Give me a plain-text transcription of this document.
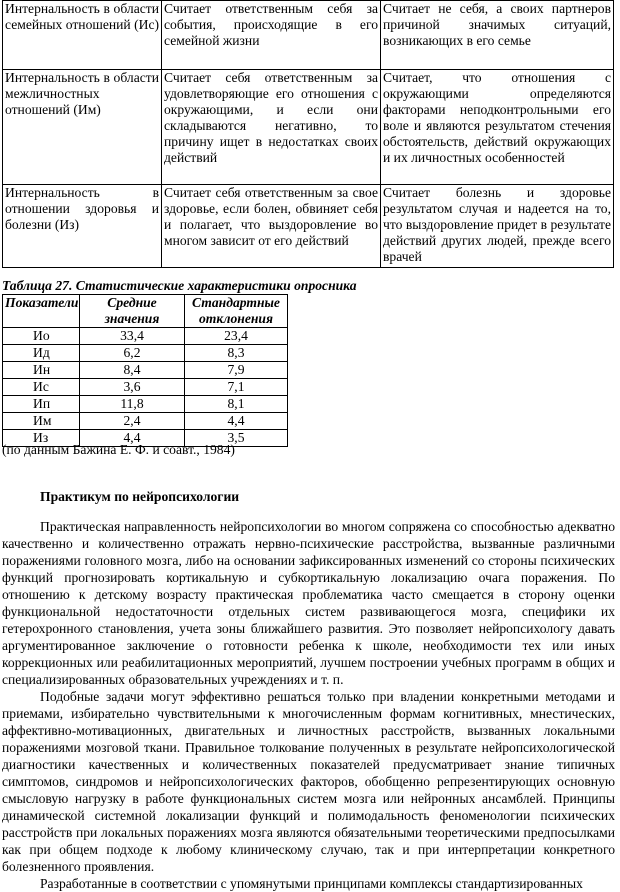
Интернальность в области семейных отношений (Ис)	Считает ответственным себя за события, происходящие в его семейной жизни	Считает не себя, а своих партнеров причиной значимых ситуаций, возникающих в его семье
Интернальность в области межличностных отношений (Им)	Считает себя ответственным за удовлетворяющие его отношения с окружающими, и если они складываются негативно, то причину ищет в недостатках своих действий	Считает, что отношения с окружающими определяются факторами неподконтрольными его воле и являются результатом стечения обстоятельств, действий окружающих и их личностных особенностей
Интернальность в отношении здоровья и болезни (Из)	Считает себя ответственным за свое здоровье, если болен, обвиняет себя и полагает, что выздоровление во многом зависит от его действий	Считает болезнь и здоровье результатом случая и надеется на то, что выздоровление придет в результате действий других людей, прежде всего врачей
Таблица 27. Статистические характеристики опросника
Показатели	Средние значения	Стандартные отклонения
Ио	33,4	23,4
Ид	6,2	8,3
Ин	8,4	7,9
Ис	3,6	7,1
Ип	11,8	8,1
Им	2,4	4,4
Из	4,4	3,5
(по данным Бажина Е. Ф. и соавт., 1984)
Практикум по нейропсихологии

Практическая направленность нейропсихологии во многом сопряжена со способностью адекватно качественно и количественно отражать нервно-психические расстройства, вызванные различными поражениями головного мозга, либо на основании зафиксированных изменений со стороны психических функций прогнозировать кортикальную и субкортикальную локализацию очага поражения. По отношению к детскому возрасту практическая проблематика часто смещается в сторону оценки функциональной недостаточности отдельных систем развивающегося мозга, специфики их гетерохронного становления, учета зоны ближайшего развития. Это позволяет нейропсихологу давать аргументированное заключение о готовности ребенка к школе, необходимости тех или иных коррекционных или реабилитационных мероприятий, лучшем построении учебных программ в общих и специализированных образовательных учреждениях и т. п.

Подобные задачи могут эффективно решаться только при владении конкретными методами и приемами, избирательно чувствительными к многочисленным формам когнитивных, мнестических, аффективно-мотивационных, двигательных и личностных расстройств, вызванных локальными поражениями мозговой ткани. Правильное толкование полученных в результате нейропсихологической диагностики качественных и количественных показателей предусматривает знание типичных симптомов, синдромов и нейропсихологических факторов, обобщенно репрезентирующих основную смысловую нагрузку в работе функциональных систем мозга или нейронных ансамблей. Принципы динамической системной локализации функций и полимодальность феноменологии психических расстройств при локальных поражениях мозга являются обязательными теоретическими предпосылками как при общем подходе к любому клиническому случаю, так и при интерпретации конкретного болезненного проявления.

Разработанные в соответствии с упомянутыми принципами комплексы стандартизированных
